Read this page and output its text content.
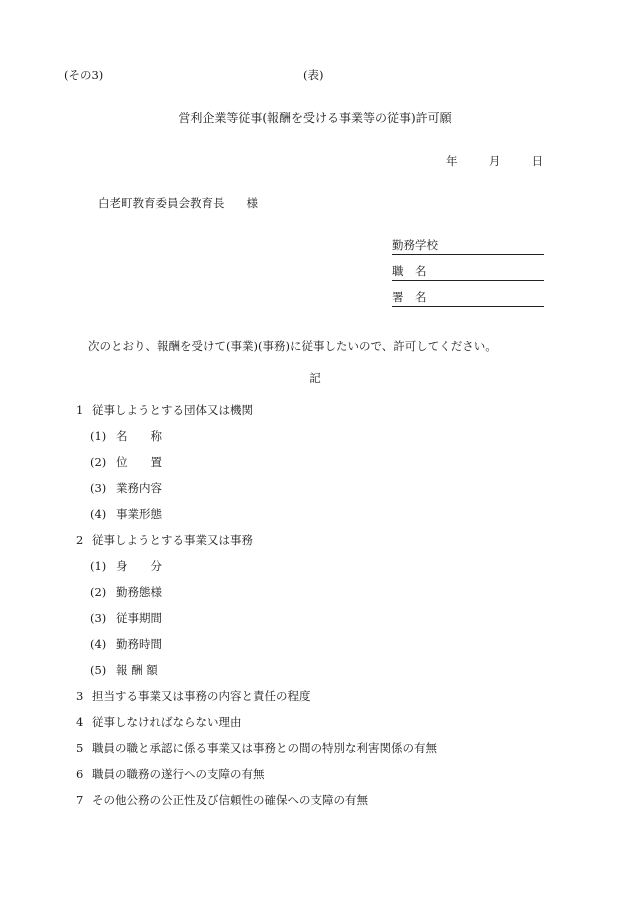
(その3)	(表)
営利企業等従事(報酬を受ける事業等の従事)許可願
年	月	日
白老町教育委員会教育長 様
勤務学校
職　名
署　名
次のとおり、報酬を受けて(事業)(事務)に従事したいので、許可してください。
記
1 従事しようとする団体又は機関
(1) 名　　称
(2) 位　　置
(3) 業務内容
(4) 事業形態
2 従事しようとする事業又は事務
(1) 身　　分
(2) 勤務態様
(3) 従事期間
(4) 勤務時間
(5) 報 酬 額
3 担当する事業又は事務の内容と責任の程度
4 従事しなければならない理由
5 職員の職と承認に係る事業又は事務との間の特別な利害関係の有無
6 職員の職務の遂行への支障の有無
7 その他公務の公正性及び信頼性の確保への支障の有無
